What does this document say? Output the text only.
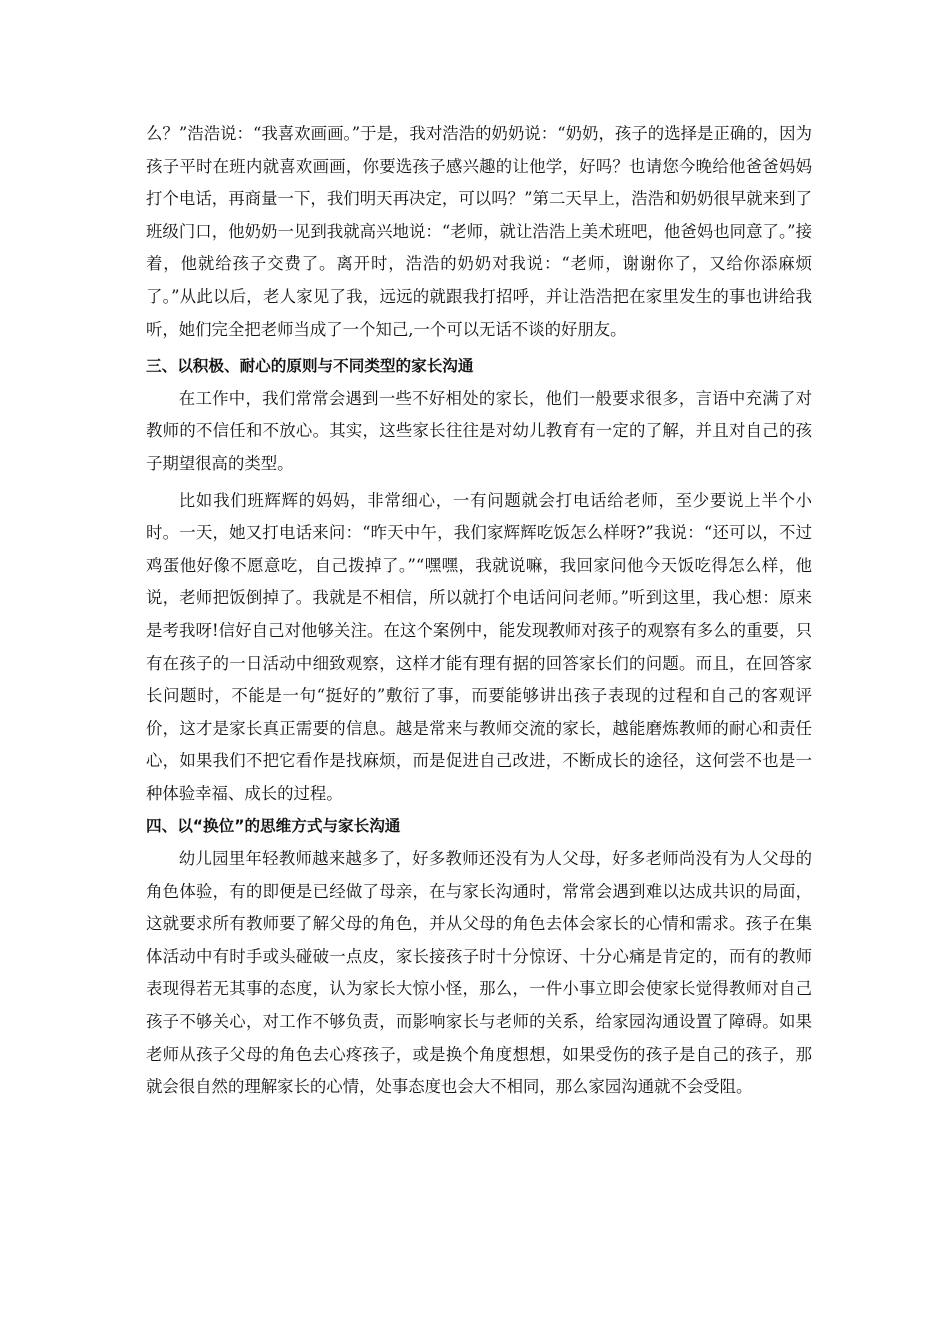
么？”浩浩说：“我喜欢画画。”于是，我对浩浩的奶奶说：“奶奶，孩子的选择是正确的，因为孩子平时在班内就喜欢画画，你要选孩子感兴趣的让他学，好吗？也请您今晚给他爸爸妈妈打个电话，再商量一下，我们明天再决定，可以吗？”第二天早上，浩浩和奶奶很早就来到了班级门口，他奶奶一见到我就高兴地说：“老师，就让浩浩上美术班吧，他爸妈也同意了。”接着，他就给孩子交费了。离开时，浩浩的奶奶对我说：“老师，谢谢你了，又给你添麻烦了。”从此以后，老人家见了我，远远的就跟我打招呼，并让浩浩把在家里发生的事也讲给我听，她们完全把老师当成了一个知己,一个可以无话不谈的好朋友。

三、以积极、耐心的原则与不同类型的家长沟通

在工作中，我们常常会遇到一些不好相处的家长，他们一般要求很多，言语中充满了对教师的不信任和不放心。其实，这些家长往往是对幼儿教育有一定的了解，并且对自己的孩子期望很高的类型。

比如我们班辉辉的妈妈，非常细心，一有问题就会打电话给老师，至少要说上半个小时。一天，她又打电话来问：“昨天中午，我们家辉辉吃饭怎么样呀?”我说：“还可以，不过鸡蛋他好像不愿意吃，自己拨掉了。”“嘿嘿，我就说嘛，我回家问他今天饭吃得怎么样，他说，老师把饭倒掉了。我就是不相信，所以就打个电话问问老师。”听到这里，我心想：原来是考我呀!信好自己对他够关注。在这个案例中，能发现教师对孩子的观察有多么的重要，只有在孩子的一日活动中细致观察，这样才能有理有据的回答家长们的问题。而且，在回答家长问题时，不能是一句“挺好的”敷衍了事，而要能够讲出孩子表现的过程和自己的客观评价，这才是家长真正需要的信息。越是常来与教师交流的家长，越能磨炼教师的耐心和责任心，如果我们不把它看作是找麻烦，而是促进自己改进，不断成长的途径，这何尝不也是一种体验幸福、成长的过程。

四、以“换位”的思维方式与家长沟通

幼儿园里年轻教师越来越多了，好多教师还没有为人父母，好多老师尚没有为人父母的角色体验，有的即便是已经做了母亲，在与家长沟通时，常常会遇到难以达成共识的局面，这就要求所有教师要了解父母的角色，并从父母的角色去体会家长的心情和需求。孩子在集体活动中有时手或头碰破一点皮，家长接孩子时十分惊讶、十分心痛是肯定的，而有的教师表现得若无其事的态度，认为家长大惊小怪，那么，一件小事立即会使家长觉得教师对自己孩子不够关心，对工作不够负责，而影响家长与老师的关系，给家园沟通设置了障碍。如果老师从孩子父母的角色去心疼孩子，或是换个角度想想，如果受伤的孩子是自己的孩子，那就会很自然的理解家长的心情，处事态度也会大不相同，那么家园沟通就不会受阻。
